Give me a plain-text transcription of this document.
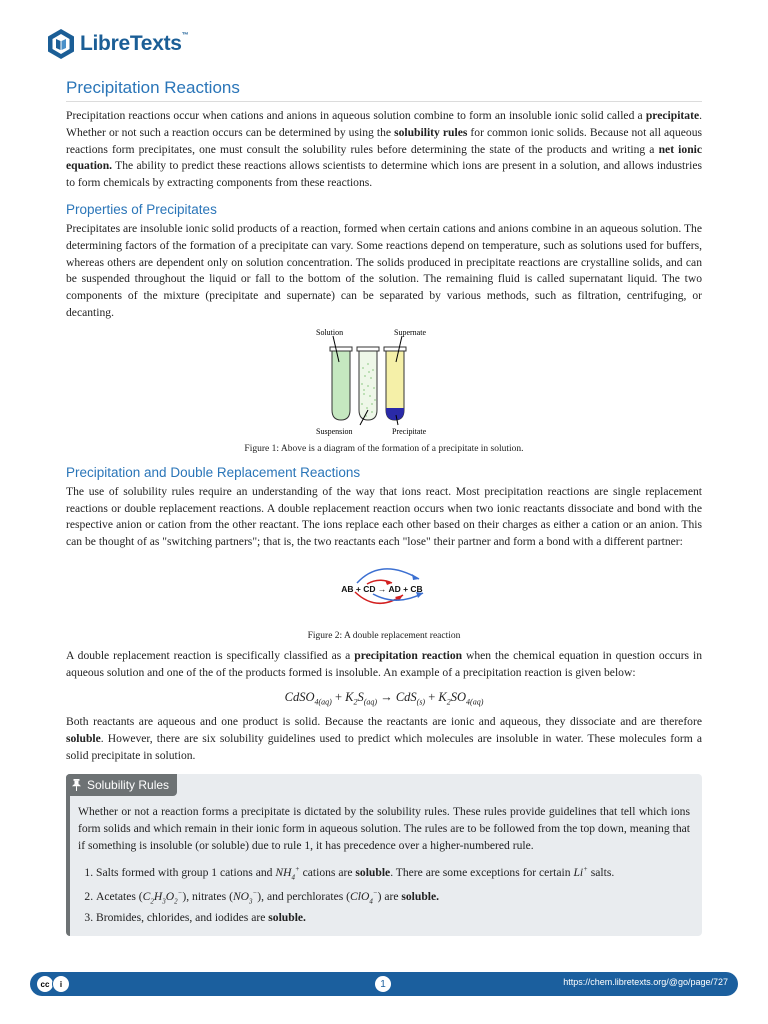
LibreTexts™
Precipitation Reactions

Precipitation reactions occur when cations and anions in aqueous solution combine to form an insoluble ionic solid called a precipitate. Whether or not such a reaction occurs can be determined by using the solubility rules for common ionic solids. Because not all aqueous reactions form precipitates, one must consult the solubility rules before determining the state of the products and writing a net ionic equation. The ability to predict these reactions allows scientists to determine which ions are present in a solution, and allows industries to form chemicals by extracting components from these reactions.

Properties of Precipitates

Precipitates are insoluble ionic solid products of a reaction, formed when certain cations and anions combine in an aqueous solution. The determining factors of the formation of a precipitate can vary. Some reactions depend on temperature, such as solutions used for buffers, whereas others are dependent only on solution concentration. The solids produced in precipitate reactions are crystalline solids, and can be suspended throughout the liquid or fall to the bottom of the solution. The remaining fluid is called supernatant liquid. The two components of the mixture (precipitate and supernate) can be separated by various methods, such as filtration, centrifuging, or decanting.

Solution	Supernate
Suspension	Precipitate
Figure 1: Above is a diagram of the formation of a precipitate in solution.
Precipitation and Double Replacement Reactions

The use of solubility rules require an understanding of the way that ions react. Most precipitation reactions are single replacement reactions or double replacement reactions. A double replacement reaction occurs when two ionic reactants dissociate and bond with the respective anion or cation from the other reactant. The ions replace each other based on their charges as either a cation or an anion. This can be thought of as "switching partners"; that is, the two reactants each "lose" their partner and form a bond with a different partner:

AB + CD → AD + CB
Figure 2: A double replacement reaction

A double replacement reaction is specifically classified as a precipitation reaction when the chemical equation in question occurs in aqueous solution and one of the of the products formed is insoluble. An example of a precipitation reaction is given below:

CdSO$_{4(aq)}$ + $K_2S_{(aq)} \to CdS_{(s)} + K_2SO_{4(aq)}$

Both reactants are aqueous and one product is solid. Because the reactants are ionic and aqueous, they dissociate and are therefore soluble. However, there are six solubility guidelines used to predict which molecules are insoluble in water. These molecules form a solid precipitate in solution.

Solubility Rules

Whether or not a reaction forms a precipitate is dictated by the solubility rules. These rules provide guidelines that tell which ions form solids and which remain in their ionic form in aqueous solution. The rules are to be followed from the top down, meaning that if something is insoluble (or soluble) due to rule 1, it has precedence over a higher-numbered rule.

1. Salts formed with group 1 cations and $NH_4^+$ cations are soluble. There are some exceptions for certain Li+ salts.
2. Acetates $(C_2H_3O_2^-)$, nitrates $(NO_3^-)$, and perchlorates (ClO$_4$−) are soluble.
3. Bromides, chlorides, and iodides are soluble.
cc	i	1	https://chem.libretexts.org/@go/page/727
